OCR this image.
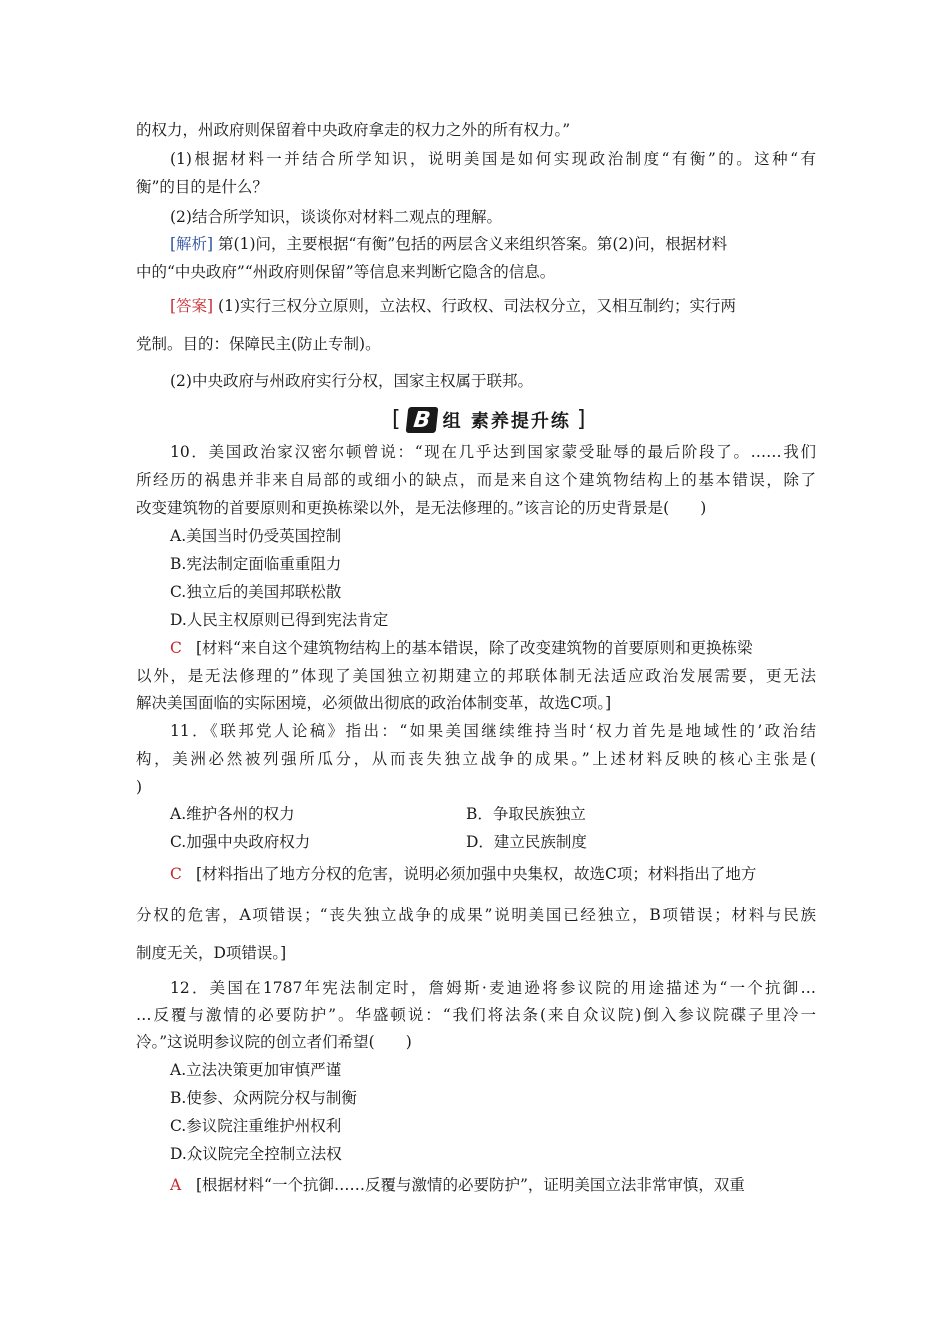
的权力，州政府则保留着中央政府拿走的权力之外的所有权力。”
(1)根据材料一并结合所学知识，说明美国是如何实现政治制度“有衡”的。这种“有
衡”的目的是什么？
(2)结合所学知识，谈谈你对材料二观点的理解。
[解析] 第(1)问，主要根据“有衡”包括的两层含义来组织答案。第(2)问，根据材料
中的“中央政府”“州政府则保留”等信息来判断它隐含的信息。
[答案] (1)实行三权分立原则，立法权、行政权、司法权分立，又相互制约；实行两
党制。目的：保障民主(防止专制)。
(2)中央政府与州政府实行分权，国家主权属于联邦。
[ B 组 素养提升练 ]
10．美国政治家汉密尔顿曾说：“现在几乎达到国家蒙受耻辱的最后阶段了。……我们
所经历的祸患并非来自局部的或细小的缺点，而是来自这个建筑物结构上的基本错误，除了
改变建筑物的首要原则和更换栋梁以外，是无法修理的。”该言论的历史背景是(　　)
A.美国当时仍受英国控制
B.宪法制定面临重重阻力
C.独立后的美国邦联松散
D.人民主权原则已得到宪法肯定
C [材料“来自这个建筑物结构上的基本错误，除了改变建筑物的首要原则和更换栋梁
以外，是无法修理的”体现了美国独立初期建立的邦联体制无法适应政治发展需要，更无法
解决美国面临的实际困境，必须做出彻底的政治体制变革，故选C项。]
11．《联邦党人论稿》指出：“如果美国继续维持当时‘权力首先是地域性的’政治结
构，美洲必然被列强所瓜分，从而丧失独立战争的成果。”上述材料反映的核心主张是(
)
A.维护各州的权力	B．争取民族独立
C.加强中央政府权力	D．建立民族制度
C [材料指出了地方分权的危害，说明必须加强中央集权，故选C项；材料指出了地方
分权的危害，A项错误；“丧失独立战争的成果”说明美国已经独立，B项错误；材料与民族
制度无关，D项错误。]
12．美国在1787年宪法制定时，詹姆斯·麦迪逊将参议院的用途描述为“一个抗御…
…反覆与激情的必要防护”。华盛顿说：“我们将法条(来自众议院)倒入参议院碟子里冷一
冷。”这说明参议院的创立者们希望(　　)
A.立法决策更加审慎严谨
B.使参、众两院分权与制衡
C.参议院注重维护州权利
D.众议院完全控制立法权
A [根据材料“一个抗御……反覆与激情的必要防护”，证明美国立法非常审慎，双重
